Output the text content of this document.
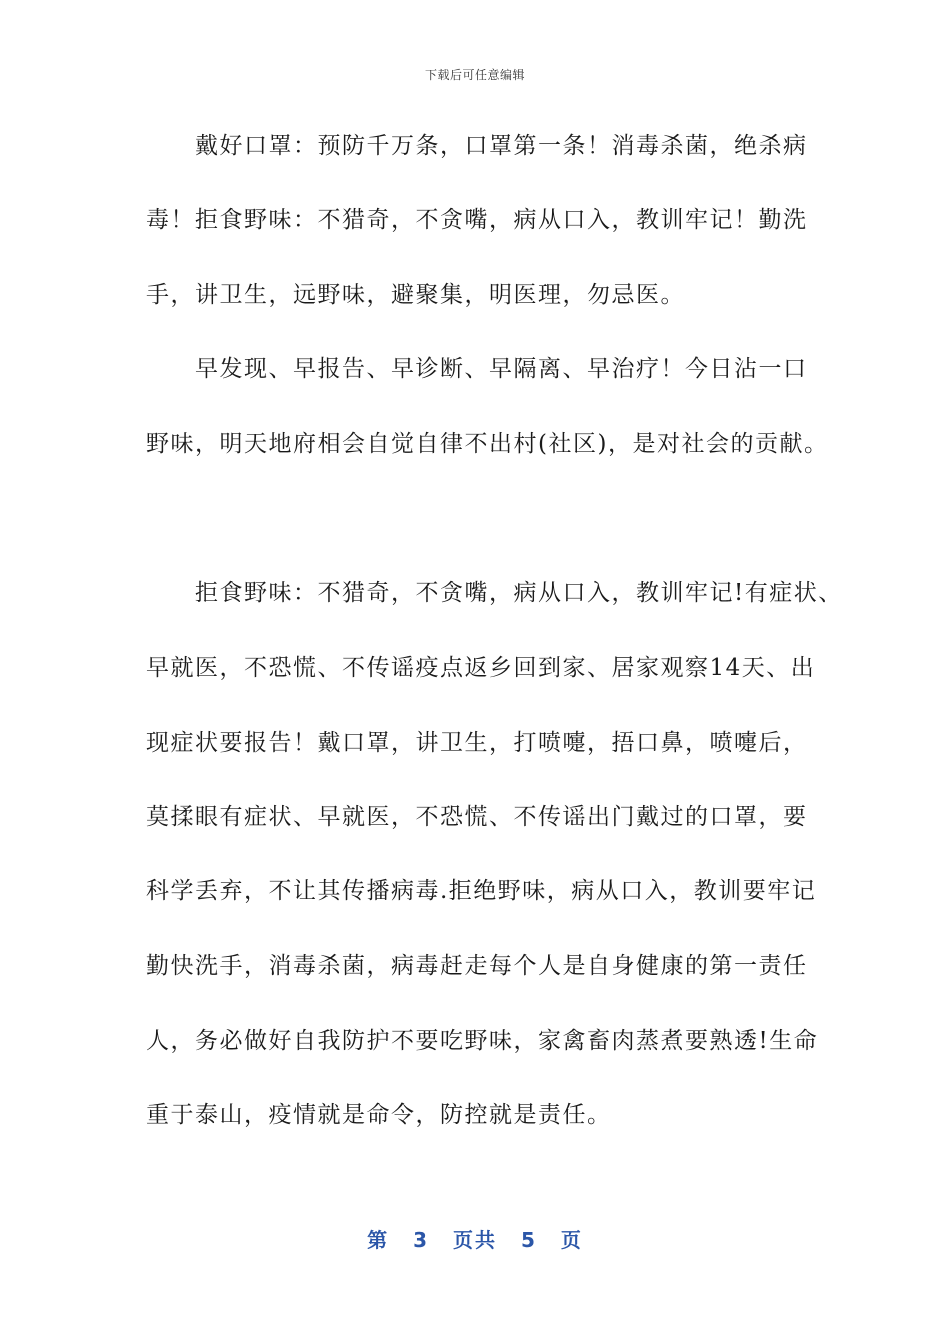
下载后可任意编辑
　　戴好口罩：预防千万条，口罩第一条！消毒杀菌，绝杀病
毒！拒食野味：不猎奇，不贪嘴，病从口入，教训牢记！勤洗
手，讲卫生，远野味，避聚集，明医理，勿忌医。
　　早发现、早报告、早诊断、早隔离、早治疗！今日沾一口
野味，明天地府相会自觉自律不出村(社区)，是对社会的贡献。
　　拒食野味：不猎奇，不贪嘴，病从口入，教训牢记!有症状、
早就医，不恐慌、不传谣疫点返乡回到家、居家观察14天、出
现症状要报告！戴口罩，讲卫生，打喷嚏，捂口鼻，喷嚏后，
莫揉眼有症状、早就医，不恐慌、不传谣出门戴过的口罩，要
科学丢弃，不让其传播病毒.拒绝野味，病从口入，教训要牢记
勤快洗手，消毒杀菌，病毒赶走每个人是自身健康的第一责任
人，务必做好自我防护不要吃野味，家禽畜肉蒸煮要熟透!生命
重于泰山，疫情就是命令，防控就是责任。
第 3 页共 5 页
